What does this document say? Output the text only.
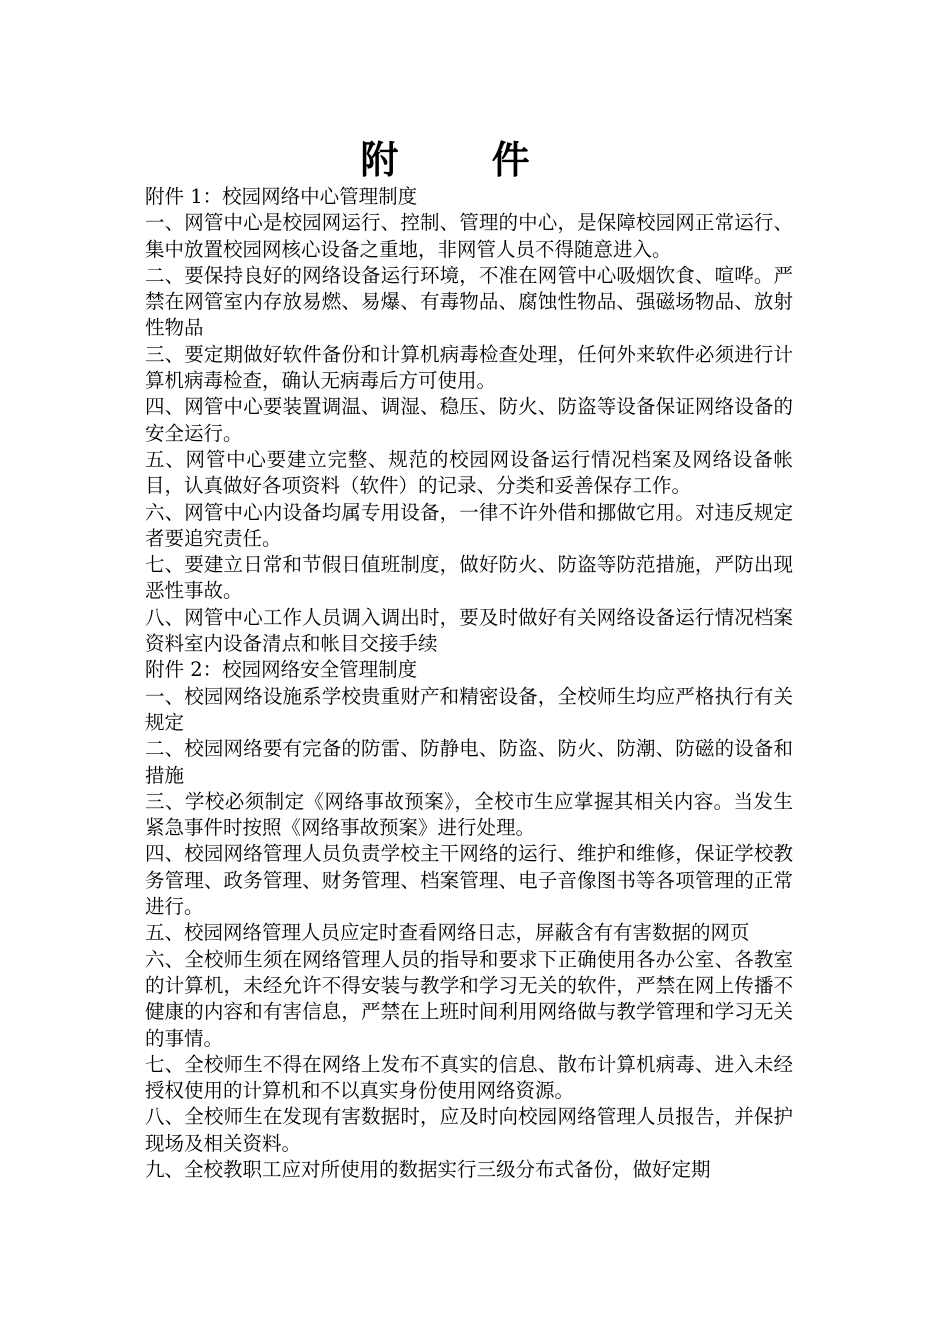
附 件

附件 1：校园网络中心管理制度

一、网管中心是校园网运行、控制、管理的中心，是保障校园网正常运行、集中放置校园网核心设备之重地，非网管人员不得随意进入。

二、要保持良好的网络设备运行环境，不准在网管中心吸烟饮食、喧哗。严禁在网管室内存放易燃、易爆、有毒物品、腐蚀性物品、强磁场物品、放射性物品

三、要定期做好软件备份和计算机病毒检查处理，任何外来软件必须进行计算机病毒检查，确认无病毒后方可使用。

四、网管中心要装置调温、调湿、稳压、防火、防盗等设备保证网络设备的安全运行。

五、网管中心要建立完整、规范的校园网设备运行情况档案及网络设备帐目，认真做好各项资料（软件）的记录、分类和妥善保存工作。

六、网管中心内设备均属专用设备，一律不许外借和挪做它用。对违反规定者要追究责任。

七、要建立日常和节假日值班制度，做好防火、防盗等防范措施，严防出现恶性事故。

八、网管中心工作人员调入调出时，要及时做好有关网络设备运行情况档案资料室内设备清点和帐目交接手续

附件 2：校园网络安全管理制度

一、校园网络设施系学校贵重财产和精密设备，全校师生均应严格执行有关规定

二、校园网络要有完备的防雷、防静电、防盗、防火、防潮、防磁的设备和措施

三、学校必须制定《网络事故预案》，全校市生应掌握其相关内容。当发生紧急事件时按照《网络事故预案》进行处理。

四、校园网络管理人员负责学校主干网络的运行、维护和维修，保证学校教务管理、政务管理、财务管理、档案管理、电子音像图书等各项管理的正常进行。

五、校园网络管理人员应定时查看网络日志，屏蔽含有有害数据的网页

六、全校师生须在网络管理人员的指导和要求下正确使用各办公室、各教室的计算机，未经允许不得安装与教学和学习无关的软件，严禁在网上传播不健康的内容和有害信息，严禁在上班时间利用网络做与教学管理和学习无关的事情。

七、全校师生不得在网络上发布不真实的信息、散布计算机病毒、进入未经授权使用的计算机和不以真实身份使用网络资源。

八、全校师生在发现有害数据时，应及时向校园网络管理人员报告，并保护现场及相关资料。

九、全校教职工应对所使用的数据实行三级分布式备份，做好定期
